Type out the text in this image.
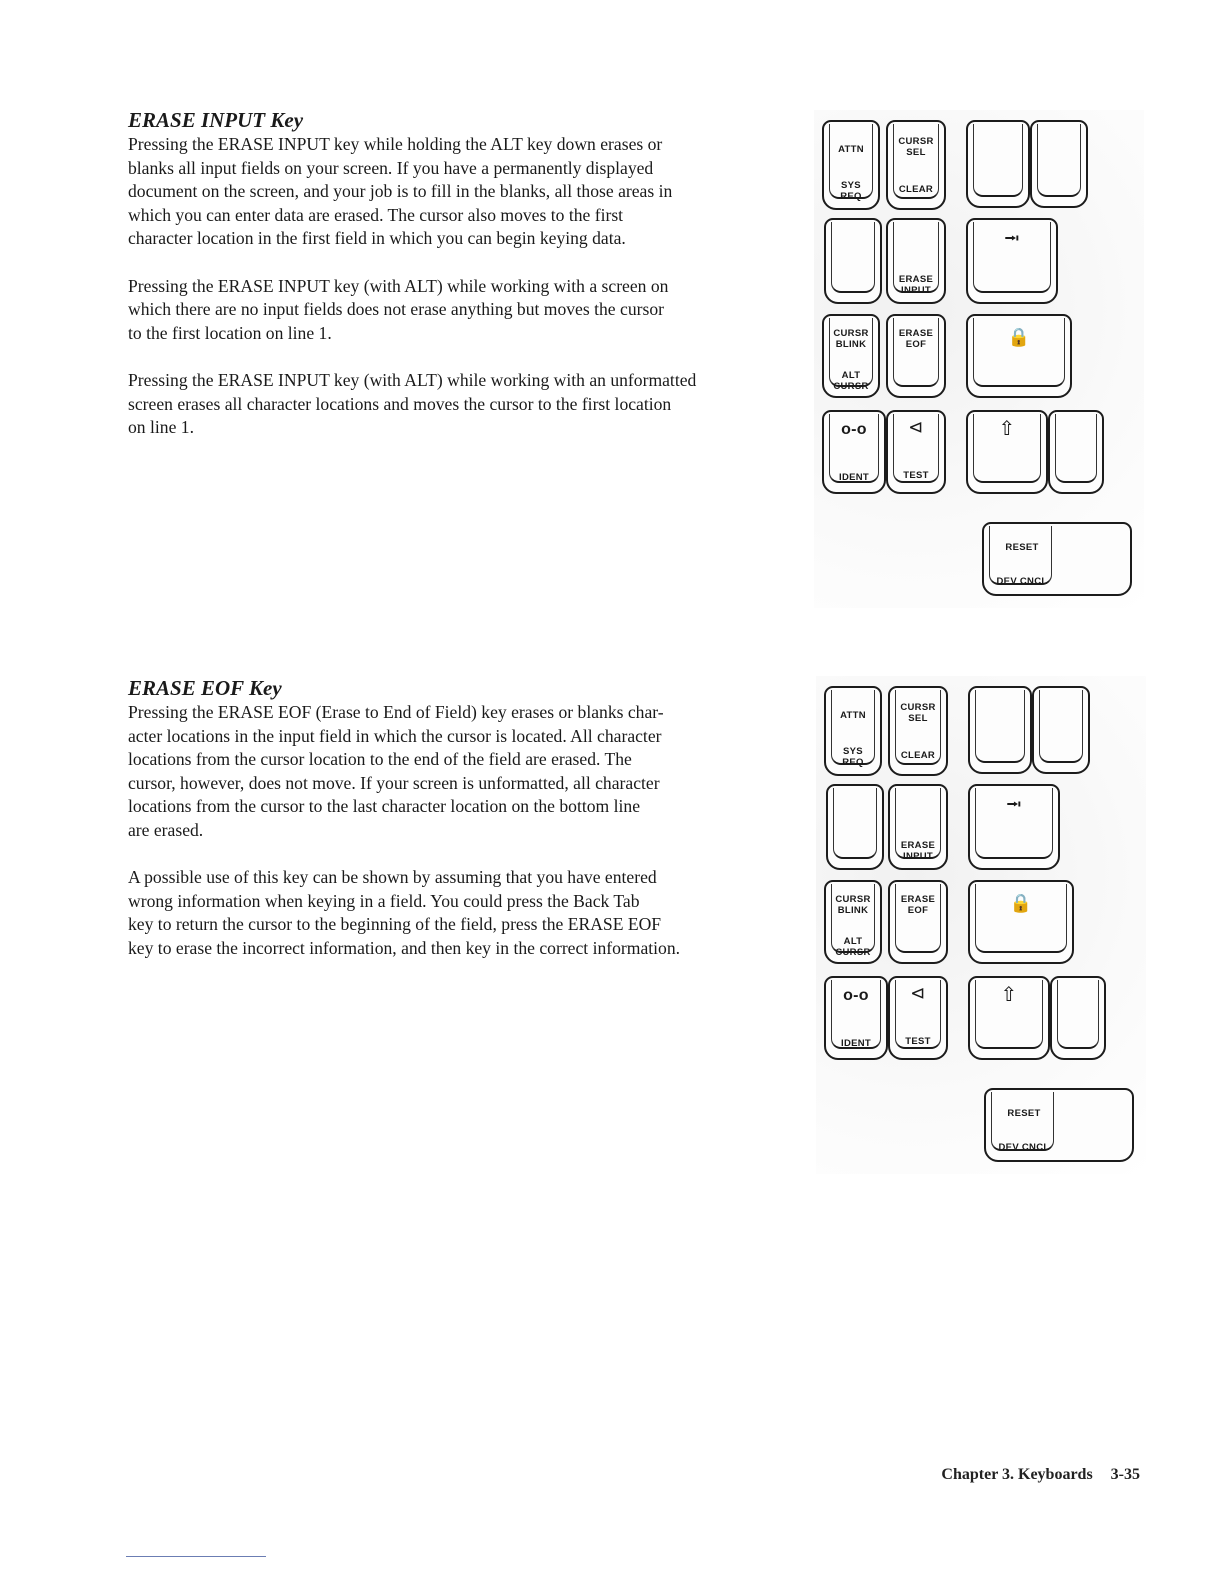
ERASE INPUT Key

Pressing the ERASE INPUT key while holding the ALT key down erases or
blanks all input fields on your screen. If you have a permanently displayed
document on the screen, and your job is to fill in the blanks, all those areas in
which you can enter data are erased. The cursor also moves to the first
character location in the first field in which you can begin keying data.

Pressing the ERASE INPUT key (with ALT) while working with a screen on
which there are no input fields does not erase anything but moves the cursor
to the first location on line 1.

Pressing the ERASE INPUT key (with ALT) while working with an unformatted
screen erases all character locations and moves the cursor to the first location
on line 1.

ERASE EOF Key

Pressing the ERASE EOF (Erase to End of Field) key erases or blanks char-
acter locations in the input field in which the cursor is located. All character
locations from the cursor location to the end of the field are erased. The
cursor, however, does not move. If your screen is unformatted, all character
locations from the cursor to the last character location on the bottom line
are erased.

A possible use of this key can be shown by assuming that you have entered
wrong information when keying in a field. You could press the Back Tab
key to return the cursor to the beginning of the field, press the ERASE EOF
key to erase the incorrect information, and then key in the correct information.

ATTN
SYS
REQ
CURSR
SEL
CLEAR
ERASE
INPUT
⭲
CURSR
BLINK
ALT
CURSR
ERASE
EOF	🔒
o-o
IDENT
⊲
TEST
⇧
RESET
DEV CNCL
ATTN
SYS
REQ
CURSR
SEL
CLEAR
ERASE
INPUT
⭲
CURSR
BLINK
ALT
CURSR
ERASE
EOF	🔒
o-o
IDENT
⊲
TEST
⇧
RESET
DEV CNCL
Chapter 3. Keyboards 3-35
